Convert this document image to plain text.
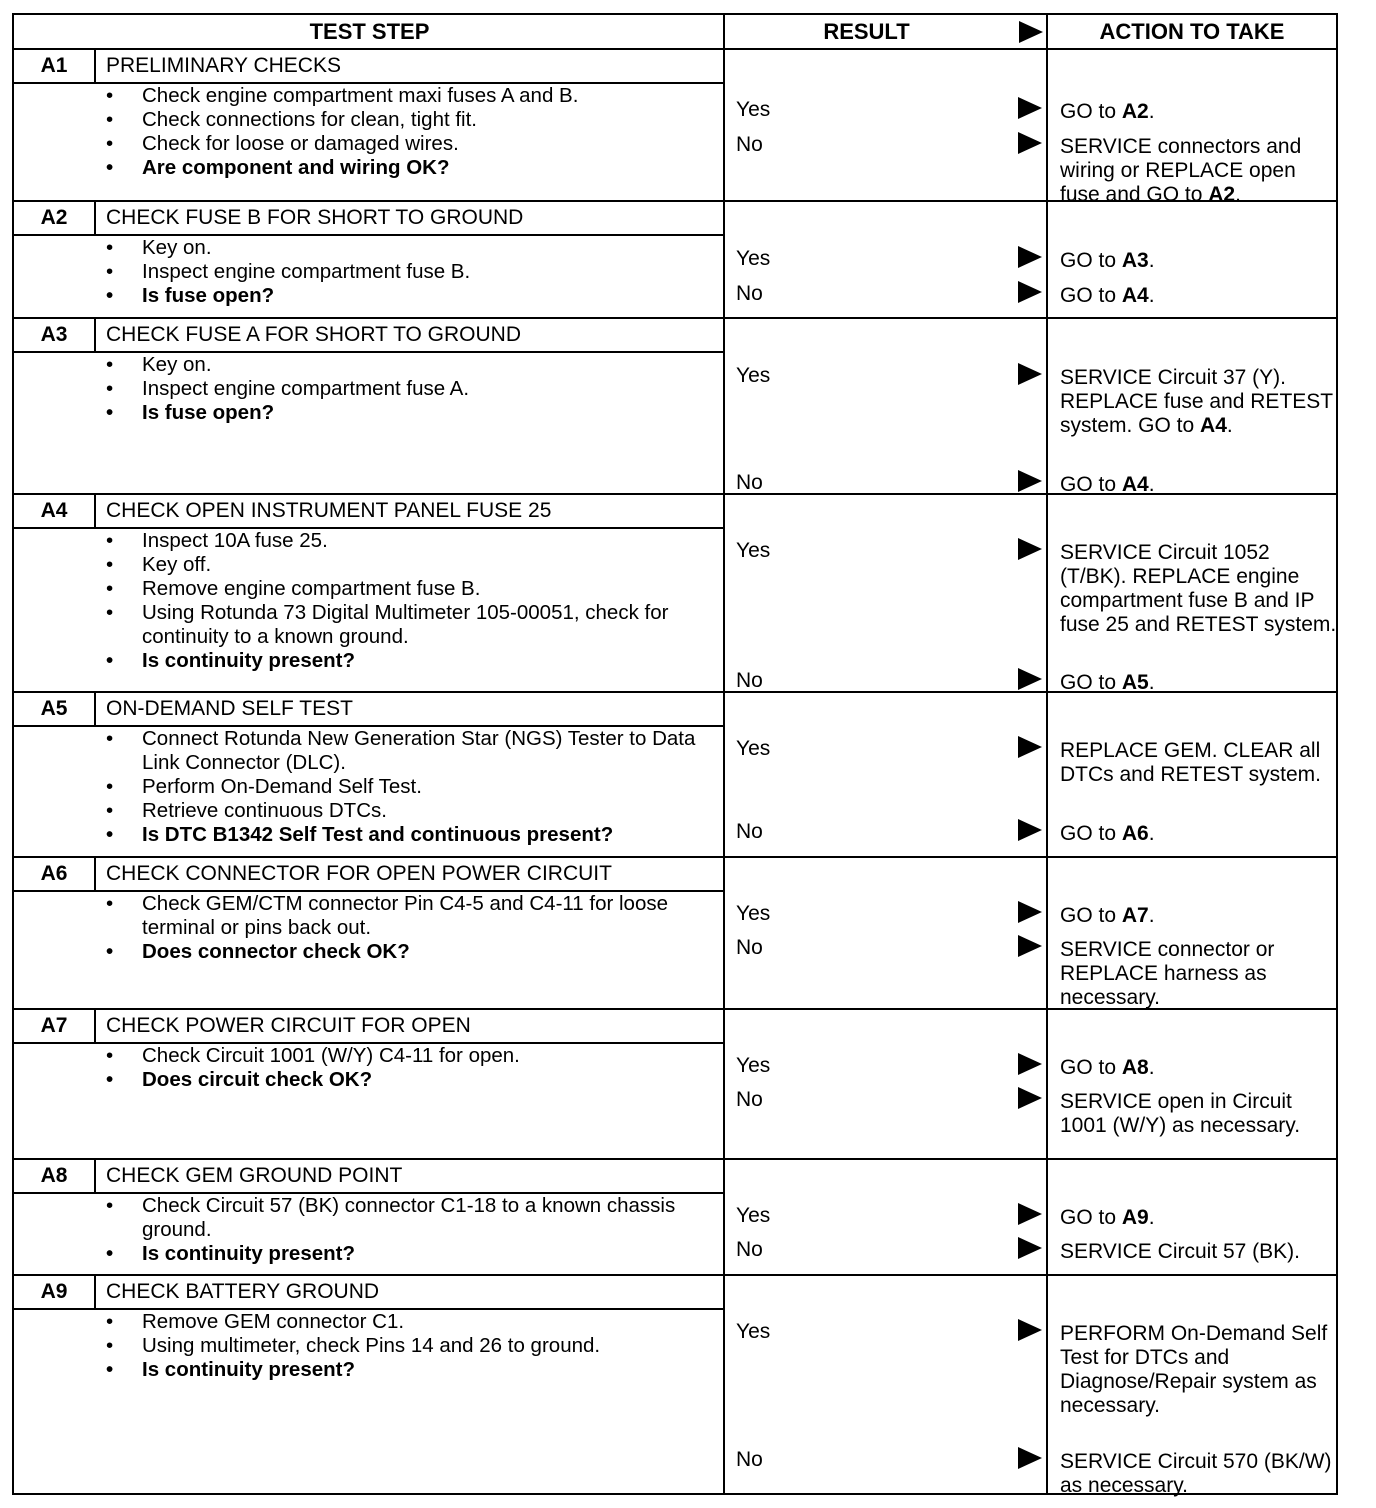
TEST STEP	RESULT	ACTION TO TAKE
A1	PRELIMINARY CHECKS
• Check engine compartment maxi fuses A and B.
• Check connections for clean, tight fit.
• Check for loose or damaged wires.
• Are component and wiring OK?
Yes	GO to A2.
No	SERVICE connectors and wiring or REPLACE open fuse and GO to A2.
A2	CHECK FUSE B FOR SHORT TO GROUND
• Key on.
• Inspect engine compartment fuse B.
• Is fuse open?
Yes	GO to A3.
No	GO to A4.
A3	CHECK FUSE A FOR SHORT TO GROUND
• Key on.
• Inspect engine compartment fuse A.
• Is fuse open?
Yes	SERVICE Circuit 37 (Y). REPLACE fuse and RETEST system. GO to A4.
No	GO to A4.
A4	CHECK OPEN INSTRUMENT PANEL FUSE 25
• Inspect 10A fuse 25.
• Key off.
• Remove engine compartment fuse B.
• Using Rotunda 73 Digital Multimeter 105-00051, check for continuity to a known ground.
• Is continuity present?
Yes	SERVICE Circuit 1052 (T/BK). REPLACE engine compartment fuse B and IP fuse 25 and RETEST system.
No	GO to A5.
A5	ON-DEMAND SELF TEST
• Connect Rotunda New Generation Star (NGS) Tester to Data Link Connector (DLC).
• Perform On-Demand Self Test.
• Retrieve continuous DTCs.
• Is DTC B1342 Self Test and continuous present?
Yes	REPLACE GEM. CLEAR all DTCs and RETEST system.
No	GO to A6.
A6	CHECK CONNECTOR FOR OPEN POWER CIRCUIT
• Check GEM/CTM connector Pin C4-5 and C4-11 for loose terminal or pins back out.
• Does connector check OK?
Yes	GO to A7.
No	SERVICE connector or REPLACE harness as necessary.
A7	CHECK POWER CIRCUIT FOR OPEN
• Check Circuit 1001 (W/Y) C4-11 for open.
• Does circuit check OK?
Yes	GO to A8.
No	SERVICE open in Circuit 1001 (W/Y) as necessary.
A8	CHECK GEM GROUND POINT
• Check Circuit 57 (BK) connector C1-18 to a known chassis ground.
• Is continuity present?
Yes	GO to A9.
No	SERVICE Circuit 57 (BK).
A9	CHECK BATTERY GROUND
• Remove GEM connector C1.
• Using multimeter, check Pins 14 and 26 to ground.
• Is continuity present?
Yes	PERFORM On-Demand Self Test for DTCs and Diagnose/Repair system as necessary.
No	SERVICE Circuit 570 (BK/W) as necessary.
